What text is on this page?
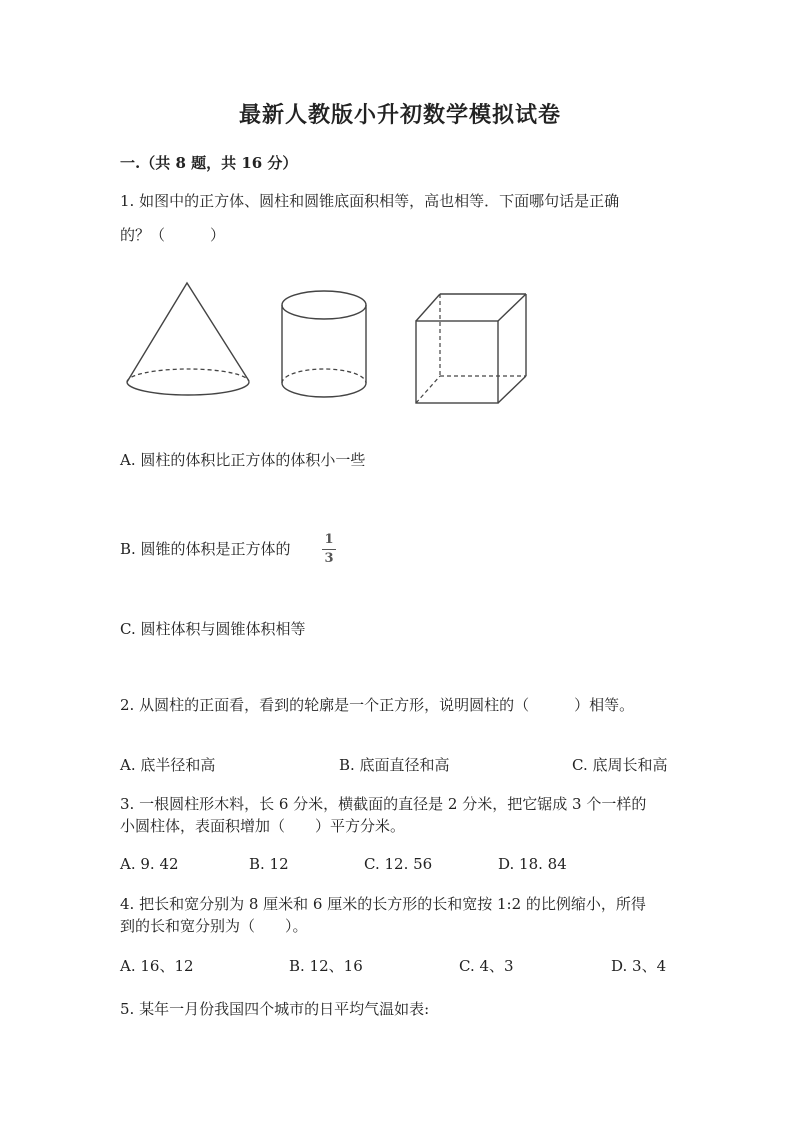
最新人教版小升初数学模拟试卷
一.（共 8 题，共 16 分）
1. 如图中的正方体、圆柱和圆锥底面积相等，高也相等．下面哪句话是正确
的？（　　　）
A. 圆柱的体积比正方体的体积小一些
B. 圆锥的体积是正方体的
1
3
C. 圆柱体积与圆锥体积相等
2. 从圆柱的正面看，看到的轮廓是一个正方形，说明圆柱的（　　　）相等。
A. 底半径和高	B. 底面直径和高	C. 底周长和高
3. 一根圆柱形木料，长 6 分米，横截面的直径是 2 分米，把它锯成 3 个一样的
小圆柱体，表面积增加（　　）平方分米。
A. 9. 42	B. 12	C. 12. 56	D. 18. 84
4. 把长和宽分别为 8 厘米和 6 厘米的长方形的长和宽按 1:2 的比例缩小，所得
到的长和宽分别为（　　）。
A. 16、12	B. 12、16	C. 4、3	D. 3、4
5. 某年一月份我国四个城市的日平均气温如表:
